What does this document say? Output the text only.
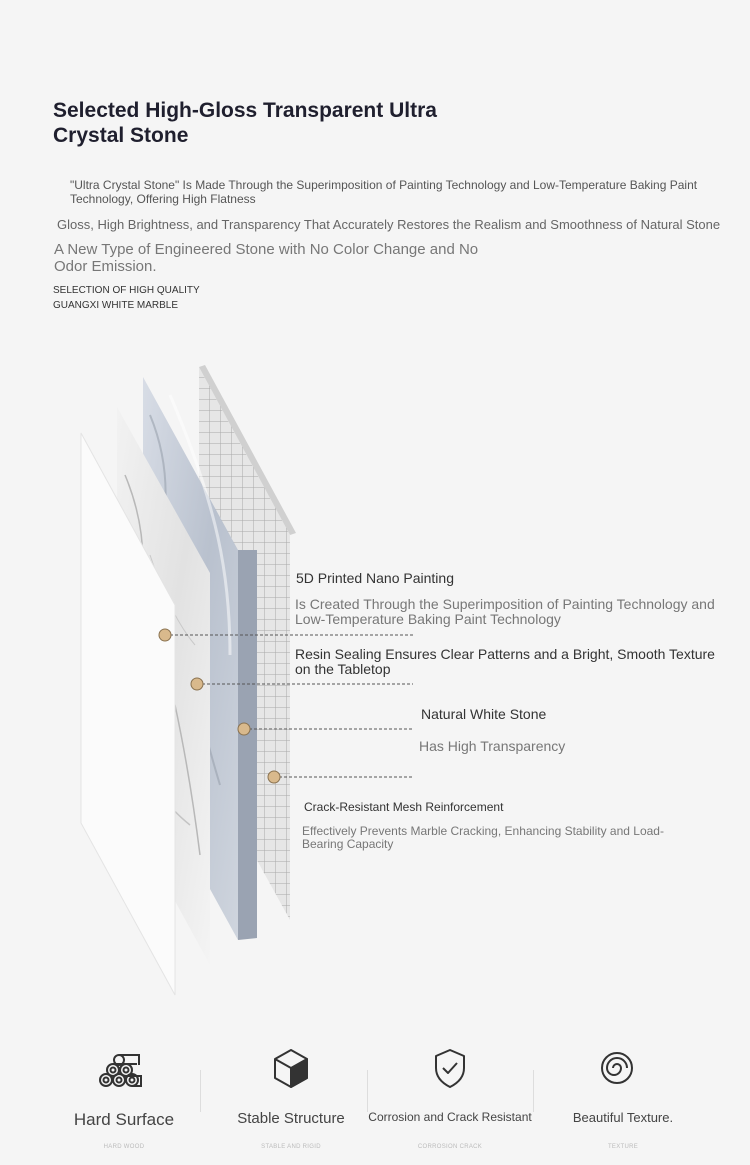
Selected High-Gloss Transparent Ultra Crystal Stone
"Ultra Crystal Stone" Is Made Through the Superimposition of Painting Technology and Low-Temperature Baking Paint Technology, Offering High Flatness
Gloss, High Brightness, and Transparency That Accurately Restores the Realism and Smoothness of Natural Stone
A New Type of Engineered Stone with No Color Change and No Odor Emission.
SELECTION OF HIGH QUALITY
GUANGXI WHITE MARBLE
5D Printed Nano Painting
Is Created Through the Superimposition of Painting Technology and Low-Temperature Baking Paint Technology
Resin Sealing Ensures Clear Patterns and a Bright, Smooth Texture on the Tabletop
Natural White Stone
Has High Transparency
Crack-Resistant Mesh Reinforcement
Effectively Prevents Marble Cracking, Enhancing Stability and Load-Bearing Capacity
Hard Surface
HARD WOOD
Stable Structure
STABLE AND RIGID
Corrosion and Crack Resistant
CORROSION CRACK
Beautiful Texture.
TEXTURE
